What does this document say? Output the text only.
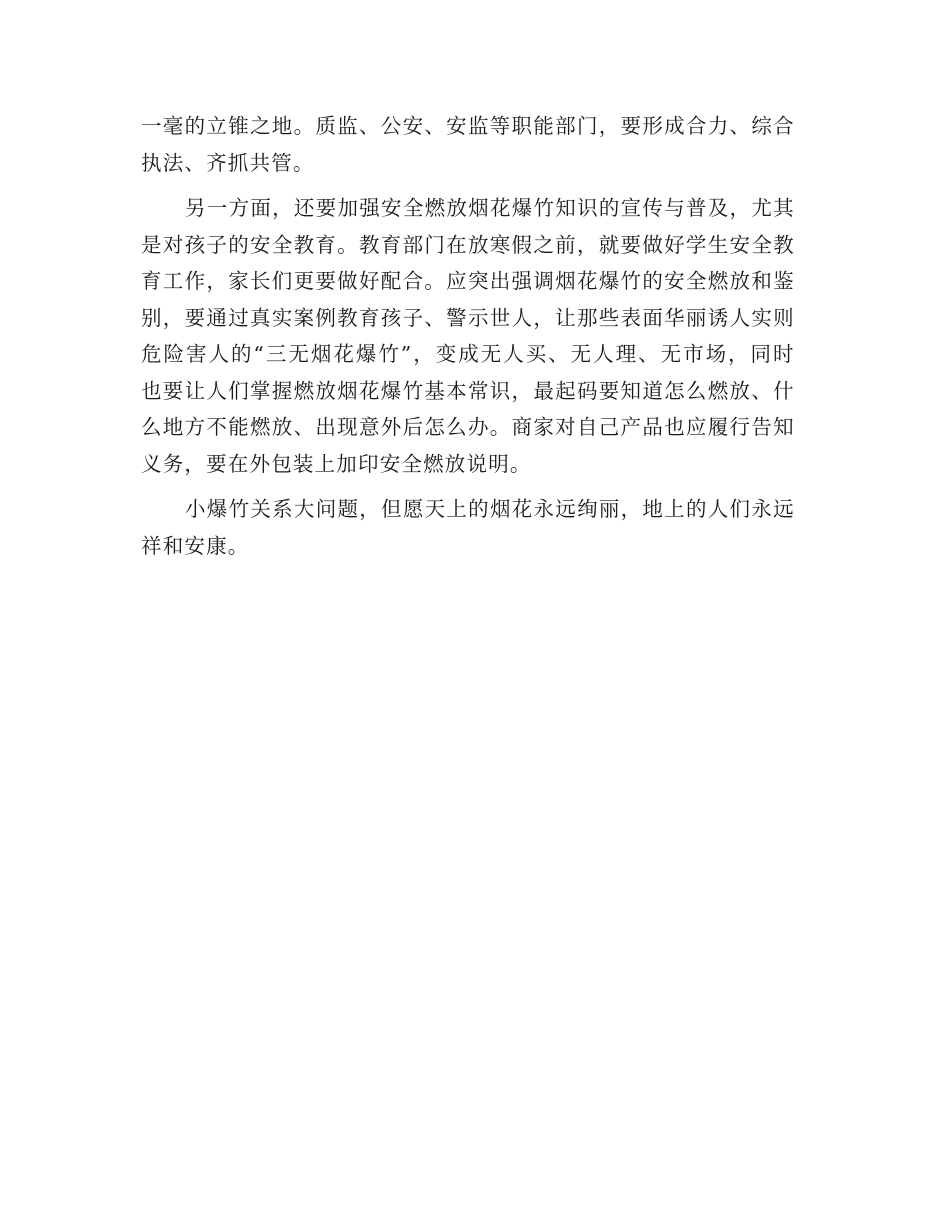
一 毫 的 立 锥 之 地 。 质 监 、 公 安 、 安 监 等 职 能 部 门 ， 要 形 成 合 力 、 综 合
执法、齐抓共管。
另 一 方 面 ， 还 要 加 强 安 全 燃 放 烟 花 爆 竹 知 识 的 宣 传 与 普 及 ， 尤 其
是 对 孩 子 的 安 全 教 育 。 教 育 部 门 在 放 寒 假 之 前 ， 就 要 做 好 学 生 安 全 教
育 工 作 ， 家 长 们 更 要 做 好 配 合 。 应 突 出 强 调 烟 花 爆 竹 的 安 全 燃 放 和 鉴
别 ， 要 通 过 真 实 案 例 教 育 孩 子 、 警 示 世 人 ， 让 那 些 表 面 华 丽 诱 人 实 则
危 险 害 人 的 “ 三 无 烟 花 爆 竹 ” ， 变 成 无 人 买 、 无 人 理 、 无 市 场 ， 同 时
也 要 让 人 们 掌 握 燃 放 烟 花 爆 竹 基 本 常 识 ， 最 起 码 要 知 道 怎 么 燃 放 、 什
么 地 方 不 能 燃 放 、 出 现 意 外 后 怎 么 办 。 商 家 对 自 己 产 品 也 应 履 行 告 知
义务，要在外包装上加印安全燃放说明。
小 爆 竹 关 系 大 问 题 ， 但 愿 天 上 的 烟 花 永 远 绚 丽 ， 地 上 的 人 们 永 远
祥和安康。
